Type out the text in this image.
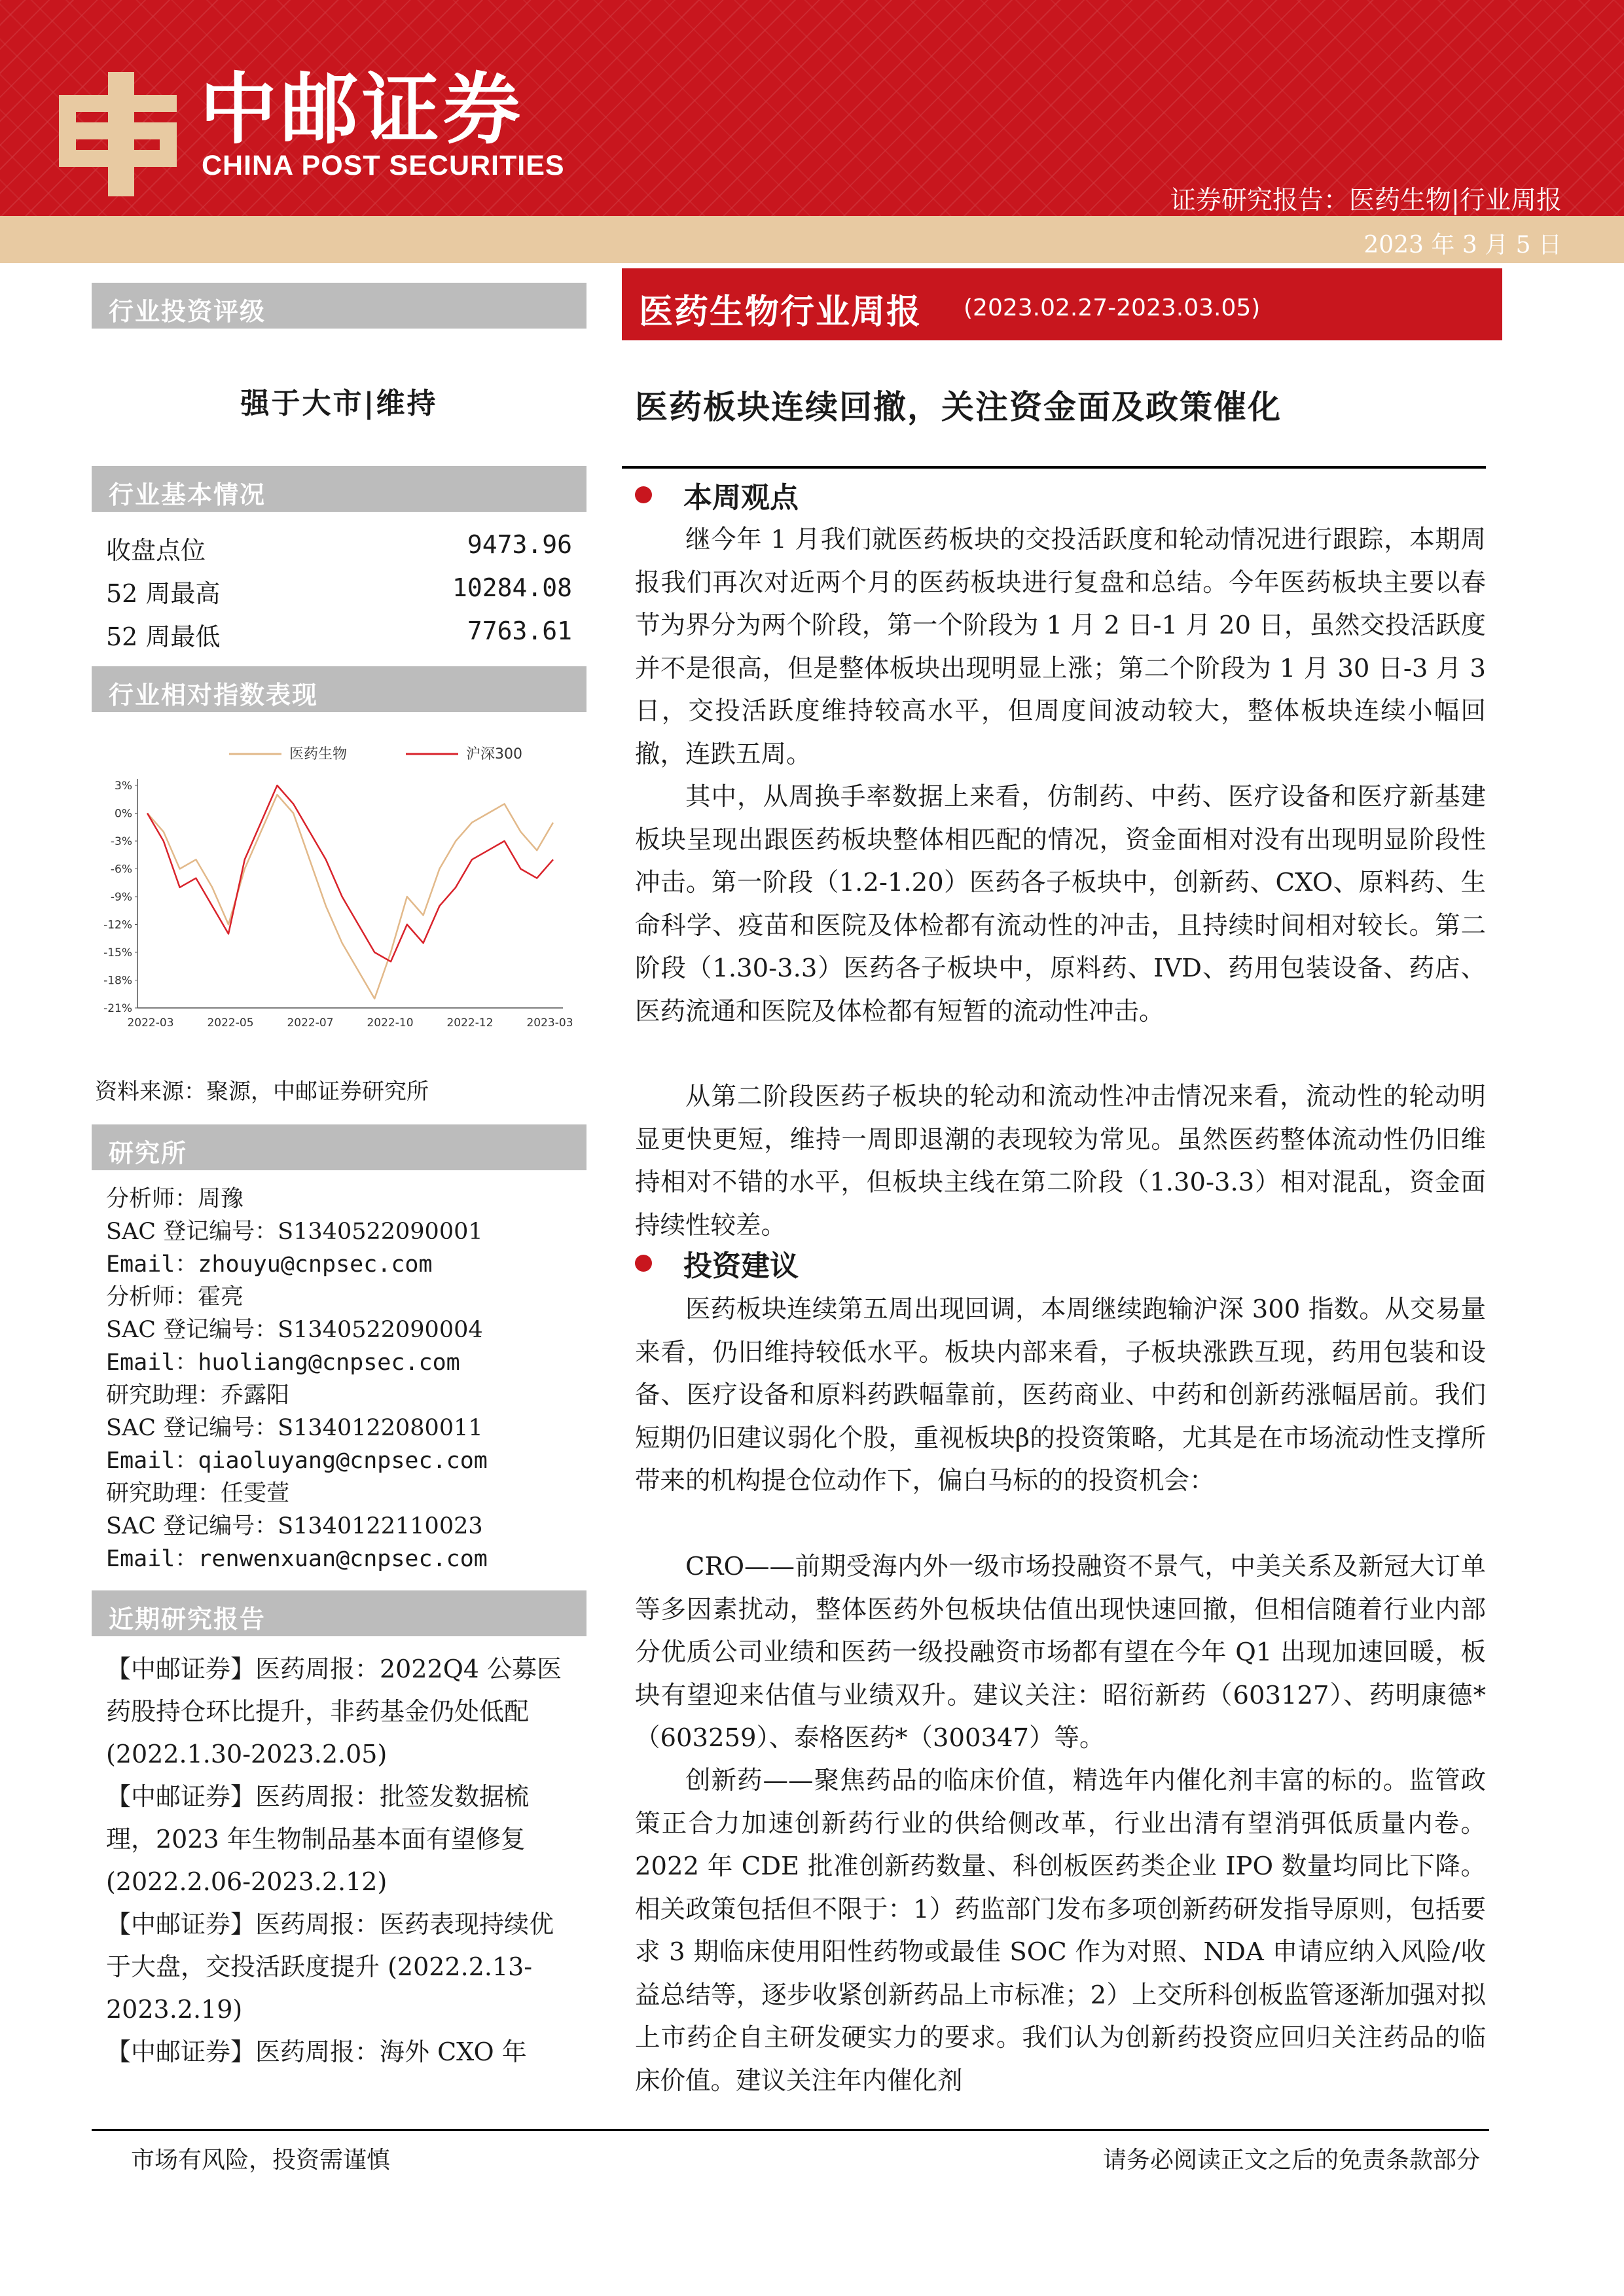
中邮证券
CHINA POST SECURITIES
证券研究报告：医药生物|行业周报
2023 年 3 月 5 日
行业投资评级
强于大市|维持
行业基本情况
收盘点位	9473.96
52 周最高	10284.08
52 周最低	7763.61
行业相对指数表现
3%
0%
-3%
-6%
-9%
-12%
-15%
-18%
-21%
2022-03	2022-05	2022-07	2022-10	2022-12	2023-03
医药生物	沪深300
资料来源：聚源，中邮证券研究所
研究所
分析师：周豫
SAC 登记编号：S1340522090001
Email：zhouyu@cnpsec.com
分析师：霍亮
SAC 登记编号：S1340522090004
Email：huoliang@cnpsec.com
研究助理：乔露阳
SAC 登记编号：S1340122080011
Email：qiaoluyang@cnpsec.com
研究助理：任雯萱
SAC 登记编号：S1340122110023
Email：renwenxuan@cnpsec.com
近期研究报告

【中邮证券】医药周报：2022Q4 公募医药股持仓环比提升，非药基金仍处低配(2022.1.30-2023.2.05)

【中邮证券】医药周报：批签发数据梳理，2023 年生物制品基本面有望修复 (2022.2.06-2023.2.12)

【中邮证券】医药周报：医药表现持续优于大盘，交投活跃度提升 (2022.2.13-2023.2.19)

【中邮证券】医药周报：海外 CXO 年

医药生物行业周报 (2023.02.27-2023.03.05)
医药板块连续回撤，关注资金面及政策催化
本周观点

继今年 1 月我们就医药板块的交投活跃度和轮动情况进行跟踪，本期周报我们再次对近两个月的医药板块进行复盘和总结。今年医药板块主要以春节为界分为两个阶段，第一个阶段为 1 月 2 日-1 月 20 日，虽然交投活跃度并不是很高，但是整体板块出现明显上涨；第二个阶段为 1 月 30 日-3 月 3 日，交投活跃度维持较高水平，但周度间波动较大，整体板块连续小幅回撤，连跌五周。

其中，从周换手率数据上来看，仿制药、中药、医疗设备和医疗新基建板块呈现出跟医药板块整体相匹配的情况，资金面相对没有出现明显阶段性冲击。第一阶段（1.2-1.20）医药各子板块中，创新药、CXO、原料药、生命科学、疫苗和医院及体检都有流动性的冲击，且持续时间相对较长。第二阶段（1.30-3.3）医药各子板块中，原料药、IVD、药用包装设备、药店、医药流通和医院及体检都有短暂的流动性冲击。

从第二阶段医药子板块的轮动和流动性冲击情况来看，流动性的轮动明显更快更短，维持一周即退潮的表现较为常见。虽然医药整体流动性仍旧维持相对不错的水平，但板块主线在第二阶段（1.30-3.3）相对混乱，资金面持续性较差。

投资建议

医药板块连续第五周出现回调，本周继续跑输沪深 300 指数。从交易量来看，仍旧维持较低水平。板块内部来看，子板块涨跌互现，药用包装和设备、医疗设备和原料药跌幅靠前，医药商业、中药和创新药涨幅居前。我们短期仍旧建议弱化个股，重视板块β的投资策略，尤其是在市场流动性支撑所带来的机构提仓位动作下，偏白马标的的投资机会：

CRO——前期受海内外一级市场投融资不景气，中美关系及新冠大订单等多因素扰动，整体医药外包板块估值出现快速回撤，但相信随着行业内部分优质公司业绩和医药一级投融资市场都有望在今年 Q1 出现加速回暖，板块有望迎来估值与业绩双升。建议关注：昭衍新药（603127）、药明康德*（603259）、泰格医药*（300347）等。

创新药——聚焦药品的临床价值，精选年内催化剂丰富的标的。监管政策正合力加速创新药行业的供给侧改革，行业出清有望消弭低质量内卷。2022 年 CDE 批准创新药数量、科创板医药类企业 IPO 数量均同比下降。相关政策包括但不限于：1）药监部门发布多项创新药研发指导原则，包括要求 3 期临床使用阳性药物或最佳 SOC 作为对照、NDA 申请应纳入风险/收益总结等，逐步收紧创新药品上市标准；2）上交所科创板监管逐渐加强对拟上市药企自主研发硬实力的要求。我们认为创新药投资应回归关注药品的临床价值。建议关注年内催化剂

市场有风险，投资需谨慎	请务必阅读正文之后的免责条款部分
